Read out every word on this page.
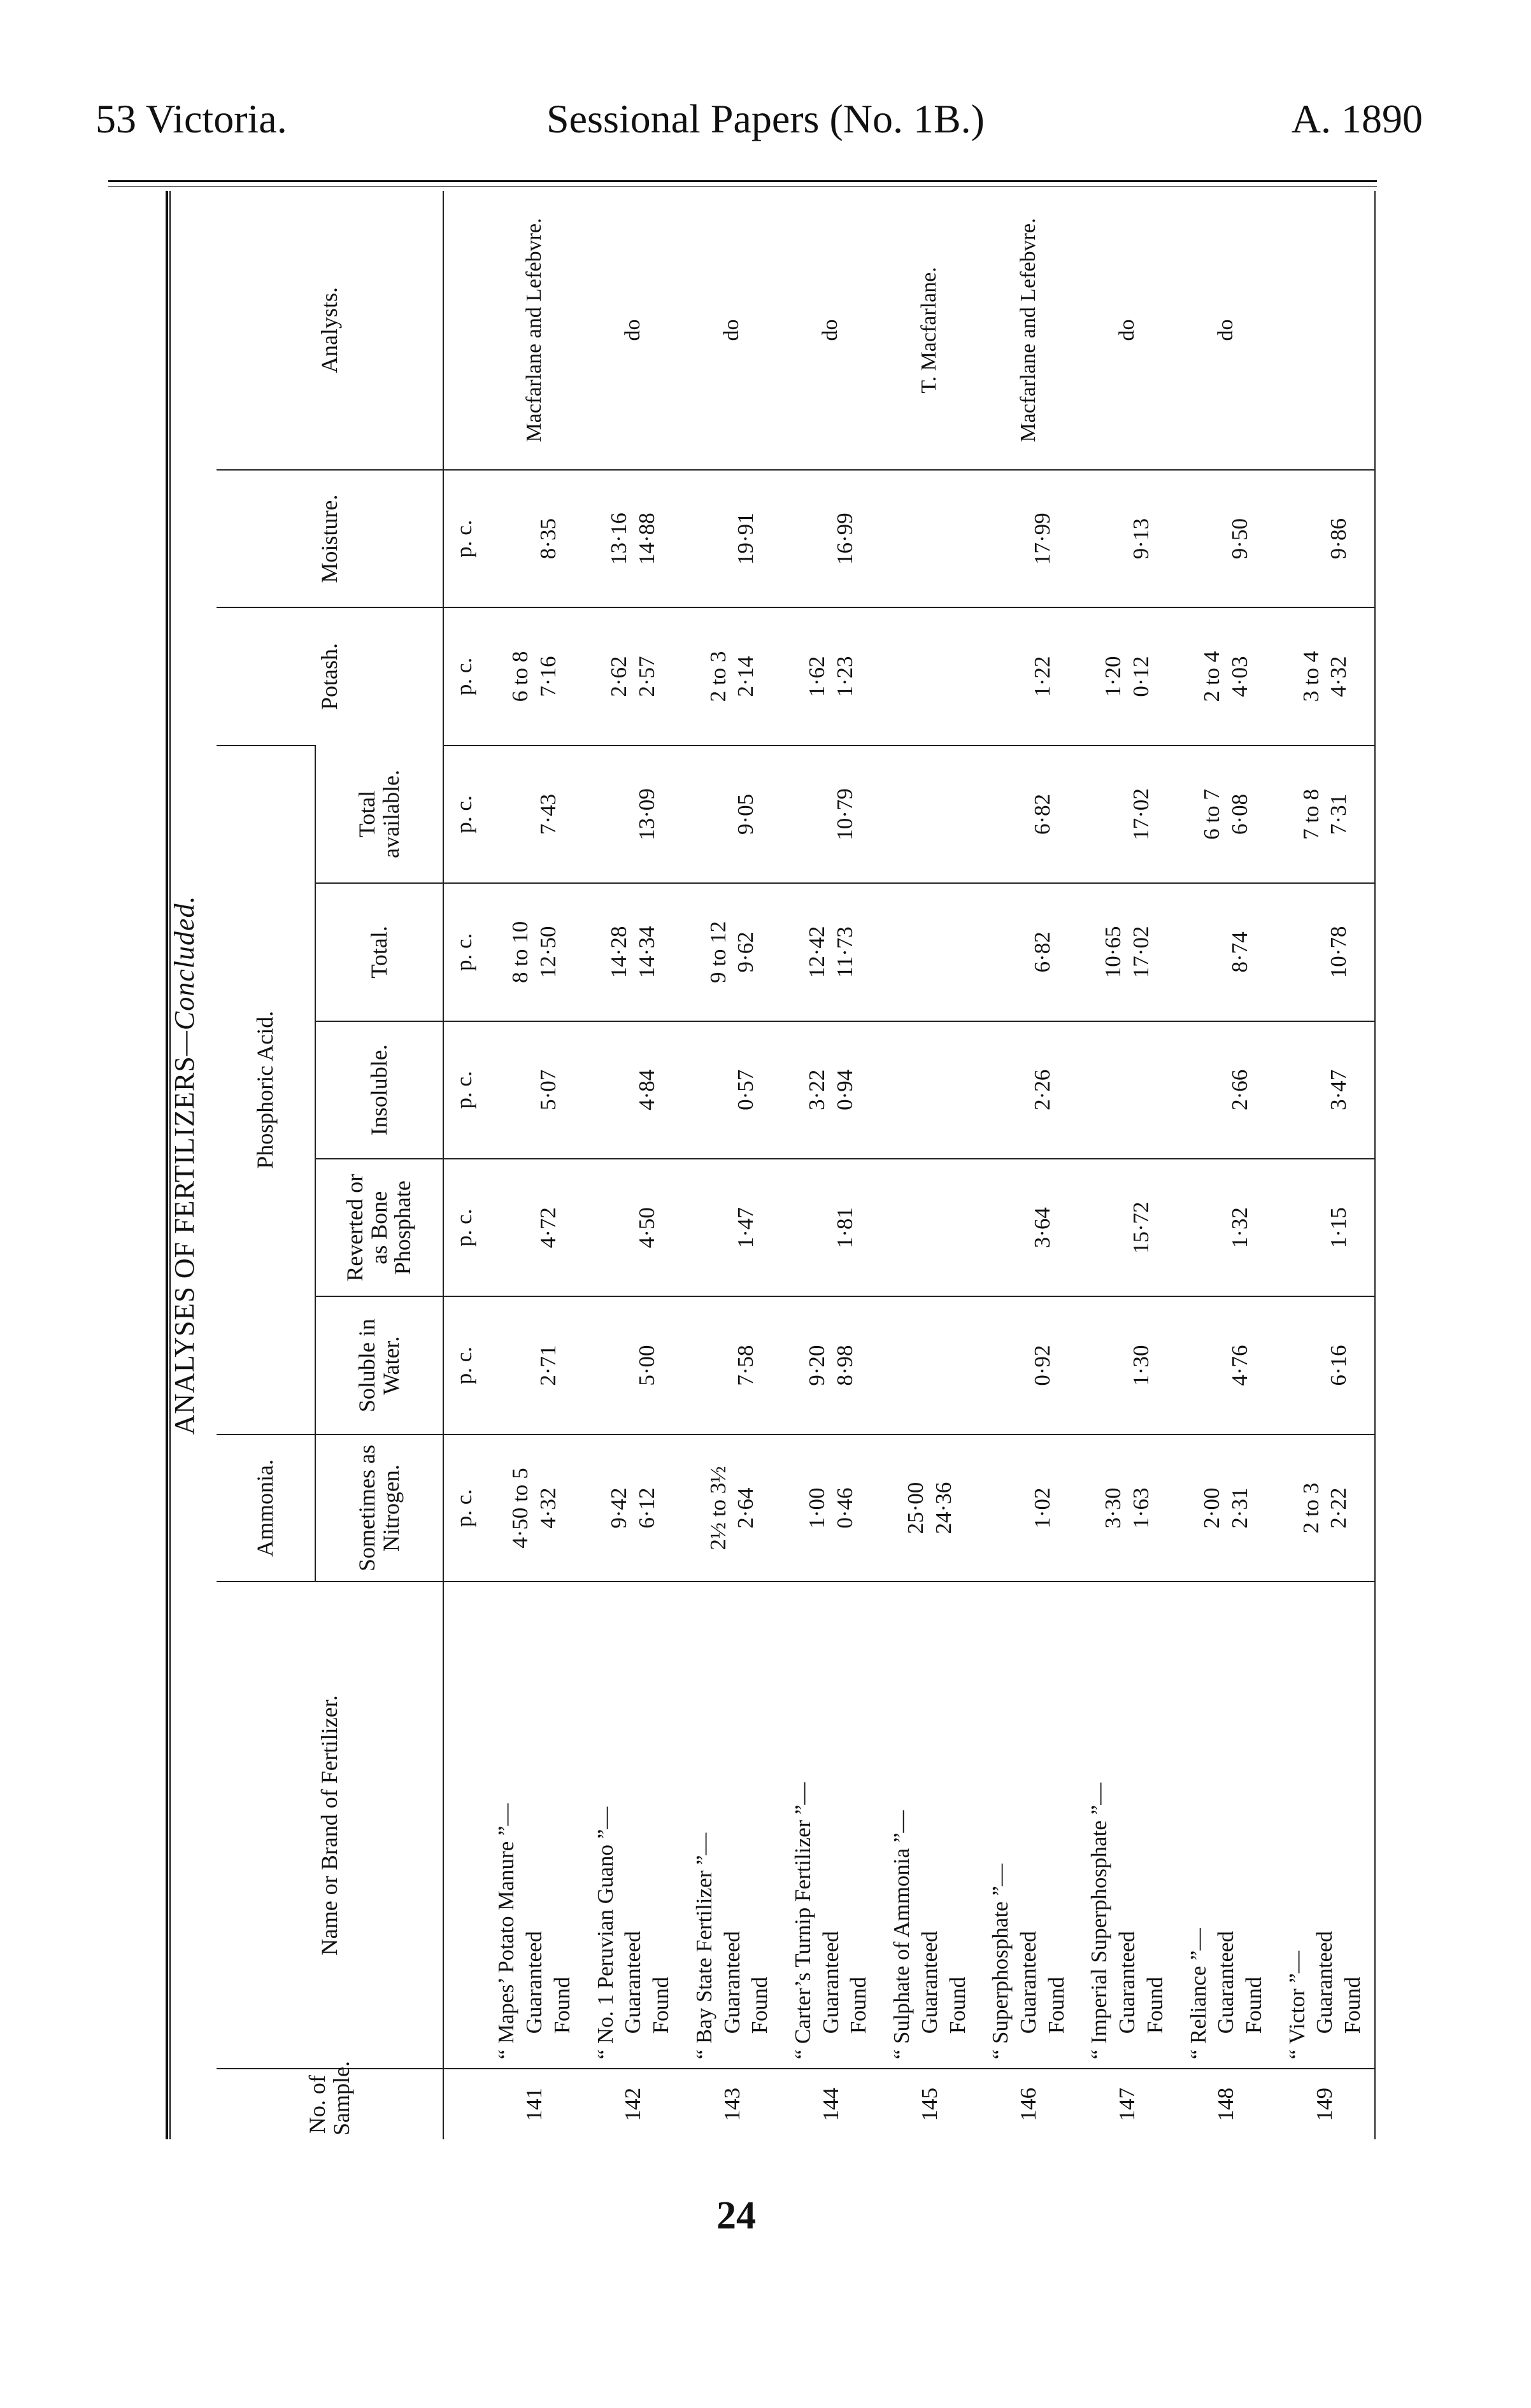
53 Victoria.	Sessional Papers (No. 1B.)	A. 1890
ANALYSES OF FERTILIZERS—Concluded.
No. of Sample.	Name or Brand of Fertilizer.	Ammonia.	Phosphoric Acid.					Potash.	Moisture.	Analysts.
		Sometimes as Nitrogen.	Soluble in Water.	Reverted or as Bone Phosphate	Insoluble.	Total.	Total available.			
		p. c.	p. c.	p. c.	p. c.	p. c.	p. c.	p. c.	p. c.	
141	“ Mapes’ Potato Manure ”— Guaranteed Found	4·50 to 5 4·32	2·71	4·72	5·07	8 to 10 12·50	7·43	6 to 8 7·16	8·35	Macfarlane and Lefebvre.
142	“ No. 1 Peruvian Guano ”— Guaranteed Found	9·42 6·12	5·00	4·50	4·84	14·28 14·34	13·09	2·62 2·57	13·16 14·88	do
143	“ Bay State Fertilizer ”— Guaranteed Found	2½ to 3½ 2·64	7·58	1·47	0·57	9 to 12 9·62	9·05	2 to 3 2·14	19·91	do
144	“ Carter’s Turnip Fertilizer ”— Guaranteed Found	1·00 0·46	9·20 8·98	1·81	3·22 0·94	12·42 11·73	10·79	1·62 1·23	16·99	do
145	“ Sulphate of Ammonia ”— Guaranteed Found	25·00 24·36								T. Macfarlane.
146	“ Superphosphate ”— Guaranteed Found	1·02	0·92	3·64	2·26	6·82	6·82	1·22	17·99	Macfarlane and Lefebvre.
147	“ Imperial Superphosphate ”— Guaranteed Found	3·30 1·63	1·30	15·72		10·65 17·02	17·02	1·20 0·12	9·13	do
148	“ Reliance ”— Guaranteed Found	2·00 2·31	4·76	1·32	2·66	8·74	6 to 7 6·08	2 to 4 4·03	9·50	do
149	“ Victor ”— Guaranteed Found	2 to 3 2·22	6·16	1·15	3·47	10·78	7 to 8 7·31	3 to 4 4·32	9·86	

24
